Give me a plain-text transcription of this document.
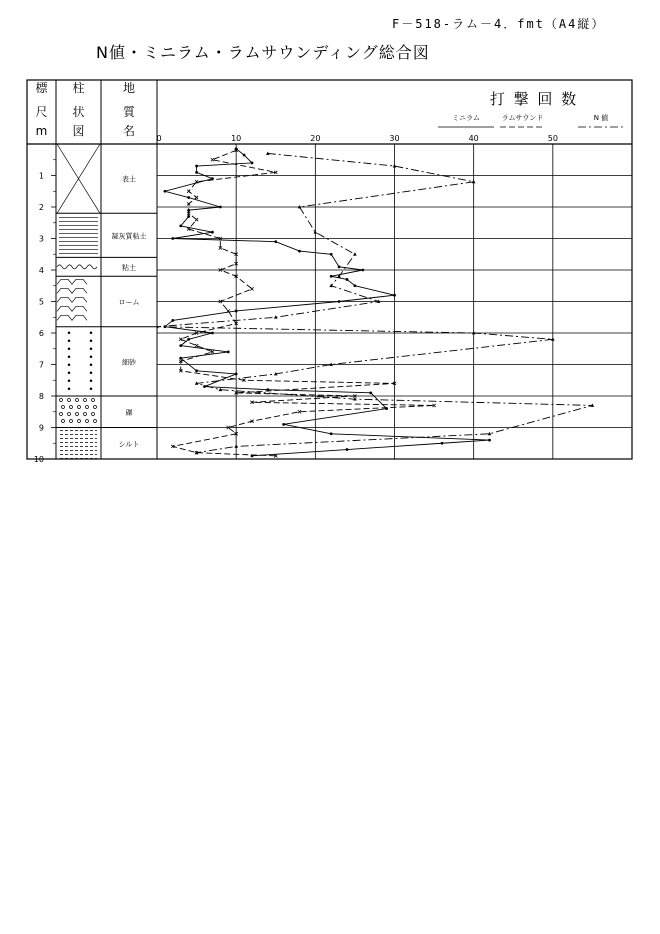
F－518-ラム－4．fmt（A4縦）
N値・ミニラム・ラムサウンディング総合図
標
尺
m
柱
状
図
地
質
名
打 撃 回 数
1
2
3
4
5
6
7
8
9
10
0	10	20	30	40	50
表土
凝灰質粘土
粘土
ローム
細砂
礫
シルト
ミニラム	ラムサウンド	N 値
